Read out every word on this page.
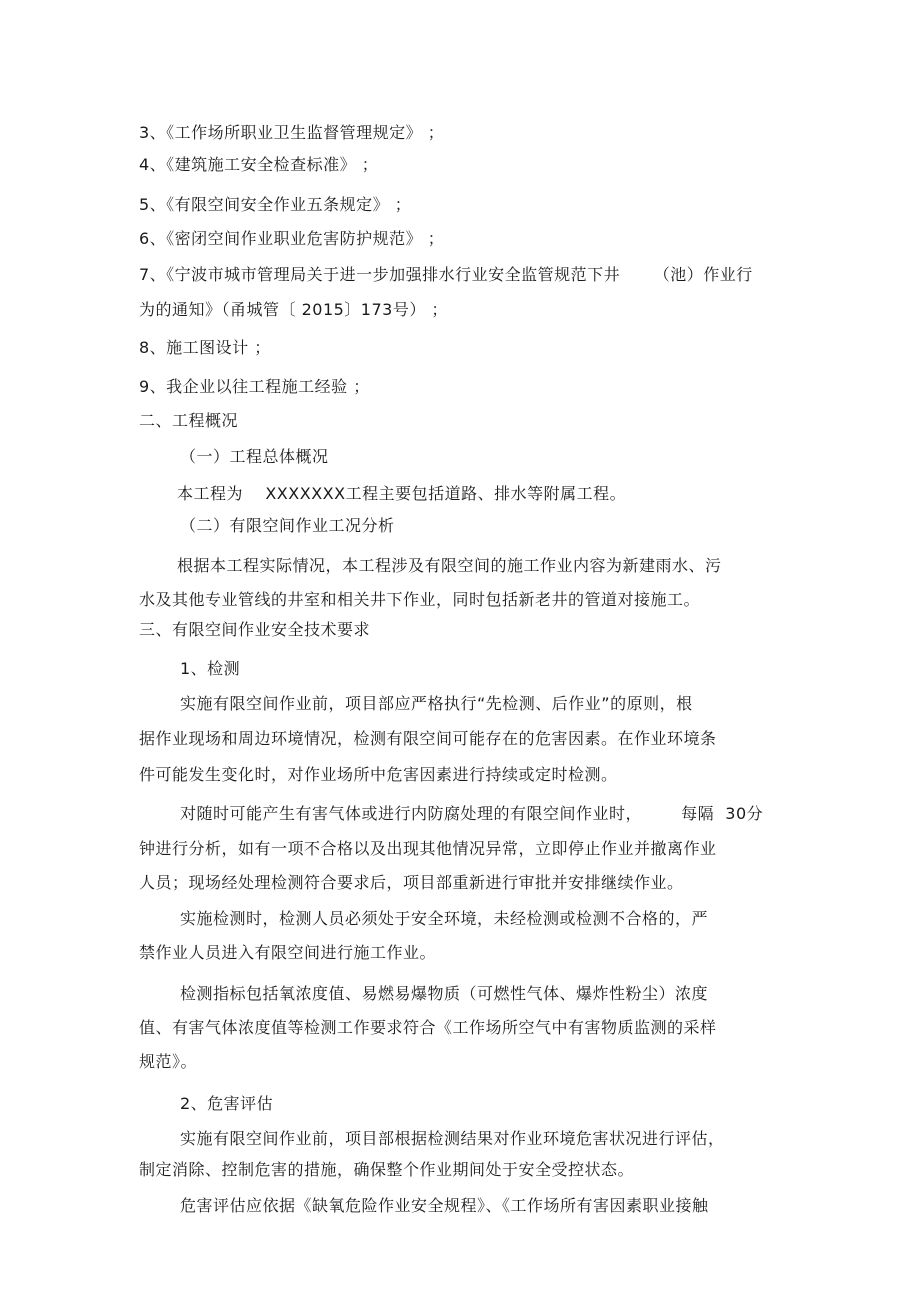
3、《工作场所职业卫生监督管理规定》 ；
4、《建筑施工安全检查标准》 ；
5、《有限空间安全作业五条规定》 ；
6、《密闭空间作业职业危害防护规范》 ；
7、《宁波市城市管理局关于进一步加强排水行业安全监管规范下井      （池）作业行
为的通知》（甬城管〔 2015〕173号） ；
8、施工图设计 ；
9、我企业以往工程施工经验 ；
二、工程概况
（一）工程总体概况
本工程为    XXXXXXX工程主要包括道路、排水等附属工程。
（二）有限空间作业工况分析
根据本工程实际情况，本工程涉及有限空间的施工作业内容为新建雨水、污
水及其他专业管线的井室和相关井下作业，同时包括新老井的管道对接施工。
三、有限空间作业安全技术要求
1、检测
实施有限空间作业前，项目部应严格执行“先检测、后作业”的原则，根
据作业现场和周边环境情况，检测有限空间可能存在的危害因素。在作业环境条
件可能发生变化时，对作业场所中危害因素进行持续或定时检测。
对随时可能产生有害气体或进行内防腐处理的有限空间作业时，       每隔  30分
钟进行分析，如有一项不合格以及出现其他情况异常，立即停止作业并撤离作业
人员；现场经处理检测符合要求后，项目部重新进行审批并安排继续作业。
实施检测时，检测人员必须处于安全环境，未经检测或检测不合格的，严
禁作业人员进入有限空间进行施工作业。
检测指标包括氧浓度值、易燃易爆物质（可燃性气体、爆炸性粉尘）浓度
值、有害气体浓度值等检测工作要求符合《工作场所空气中有害物质监测的采样
规范》。
2、危害评估
实施有限空间作业前，项目部根据检测结果对作业环境危害状况进行评估，
制定消除、控制危害的措施，确保整个作业期间处于安全受控状态。
危害评估应依据《缺氧危险作业安全规程》、《工作场所有害因素职业接触
